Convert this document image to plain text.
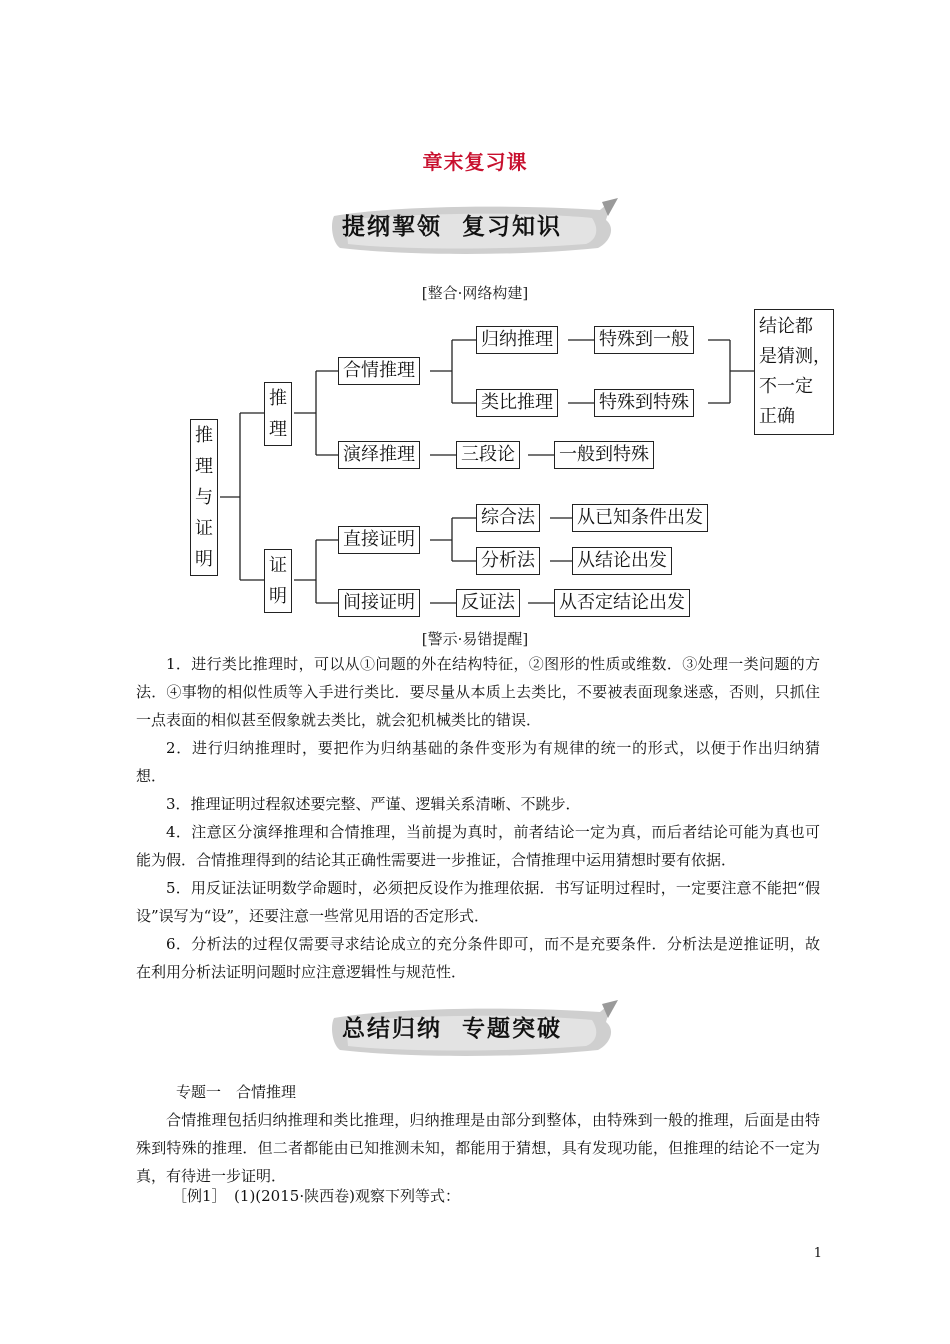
章末复习课
提纲挈领  复习知识
[整合·网络构建]
推
理
与
证
明
推
理
证
明
合情推理
演绎推理
归纳推理
类比推理
特殊到一般
特殊到特殊
结论都
是猜测，
不一定
正确
三段论 一般到特殊
直接证明
综合法 从已知条件出发
分析法 从结论出发
间接证明	反证法 从否定结论出发
[警示·易错提醒]
1．进行类比推理时，可以从①问题的外在结构特征，②图形的性质或维数．③处理一类问题的方法．④事物的相似性质等入手进行类比．要尽量从本质上去类比，不要被表面现象迷惑，否则，只抓住一点表面的相似甚至假象就去类比，就会犯机械类比的错误．
2．进行归纳推理时，要把作为归纳基础的条件变形为有规律的统一的形式，以便于作出归纳猜想．
3．推理证明过程叙述要完整、严谨、逻辑关系清晰、不跳步．
4．注意区分演绎推理和合情推理，当前提为真时，前者结论一定为真，而后者结论可能为真也可能为假．合情推理得到的结论其正确性需要进一步推证，合情推理中运用猜想时要有依据．
5．用反证法证明数学命题时，必须把反设作为推理依据．书写证明过程时，一定要注意不能把“假设”误写为“设”，还要注意一些常见用语的否定形式．
6．分析法的过程仅需要寻求结论成立的充分条件即可，而不是充要条件．分析法是逆推证明，故在利用分析法证明问题时应注意逻辑性与规范性．
总结归纳  专题突破
专题一　合情推理
合情推理包括归纳推理和类比推理，归纳推理是由部分到整体，由特殊到一般的推理，后面是由特殊到特殊的推理．但二者都能由已知推测未知，都能用于猜想，具有发现功能，但推理的结论不一定为真，有待进一步证明．
［例1］　(1)(2015·陕西卷)观察下列等式：
1
